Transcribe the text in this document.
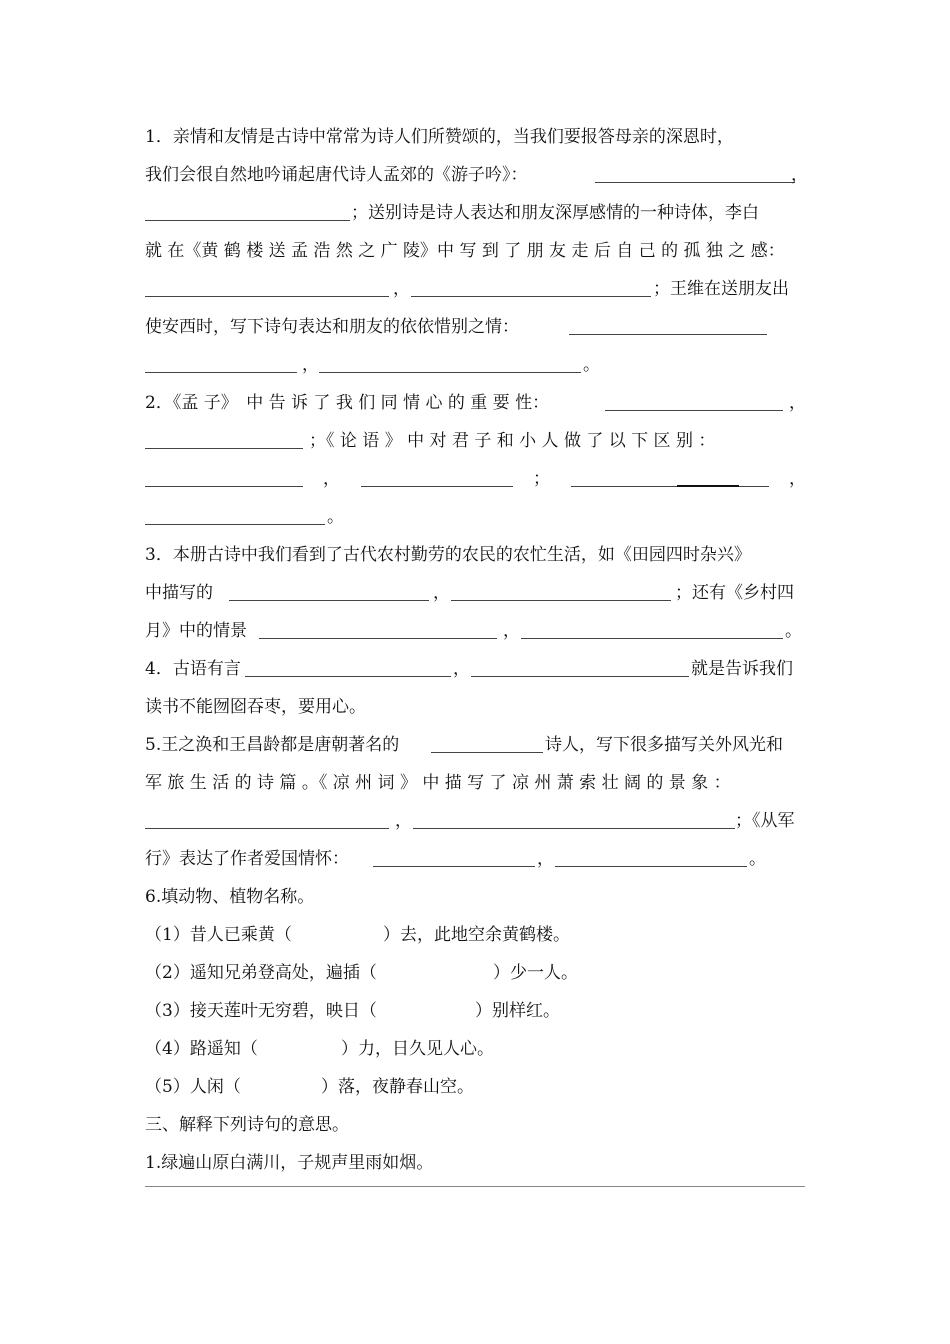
1．亲情和友情是古诗中常常为诗人们所赞颂的，当我们要报答母亲的深恩时，
我们会很自然地吟诵起唐代诗人孟郊的《游子吟》：	，
；送别诗是诗人表达和朋友深厚感情的一种诗体，李白
就 在《黄 鹤 楼 送 孟 浩 然 之 广 陵》中 写 到 了 朋 友 走 后 自 己 的 孤 独 之 感：
，	；王维在送朋友出
使安西时，写下诗句表达和朋友的依依惜别之情：
，	。
2．《孟 子》　中 告 诉 了 我 们 同 情 心 的 重 要 性：	，
；《 论 语 》 中 对 君 子 和 小 人 做 了 以 下 区 别 ：
，	；	，
。
3．本册古诗中我们看到了古代农村勤劳的农民的农忙生活，如《田园四时杂兴》
中描写的	，	；还有《乡村四
月》中的情景	，	。
4．古语有言	，	就是告诉我们
读书不能囫囵吞枣，要用心。
5.王之涣和王昌龄都是唐朝著名的	诗人，写下很多描写关外风光和
军 旅 生 活 的 诗 篇 。《 凉 州 词 》 中 描 写 了 凉 州 萧 索 壮 阔 的 景 象 ：
，	；《从军
行》表达了作者爱国情怀：	，	。
6.填动物、植物名称。
（1）昔人已乘黄（	）去，此地空余黄鹤楼。
（2）遥知兄弟登高处，遍插（	）少一人。
（3）接天莲叶无穷碧，映日（	）别样红。
（4）路遥知（	）力，日久见人心。
（5）人闲（	）落，夜静春山空。
三、解释下列诗句的意思。
1.绿遍山原白满川，子规声里雨如烟。
